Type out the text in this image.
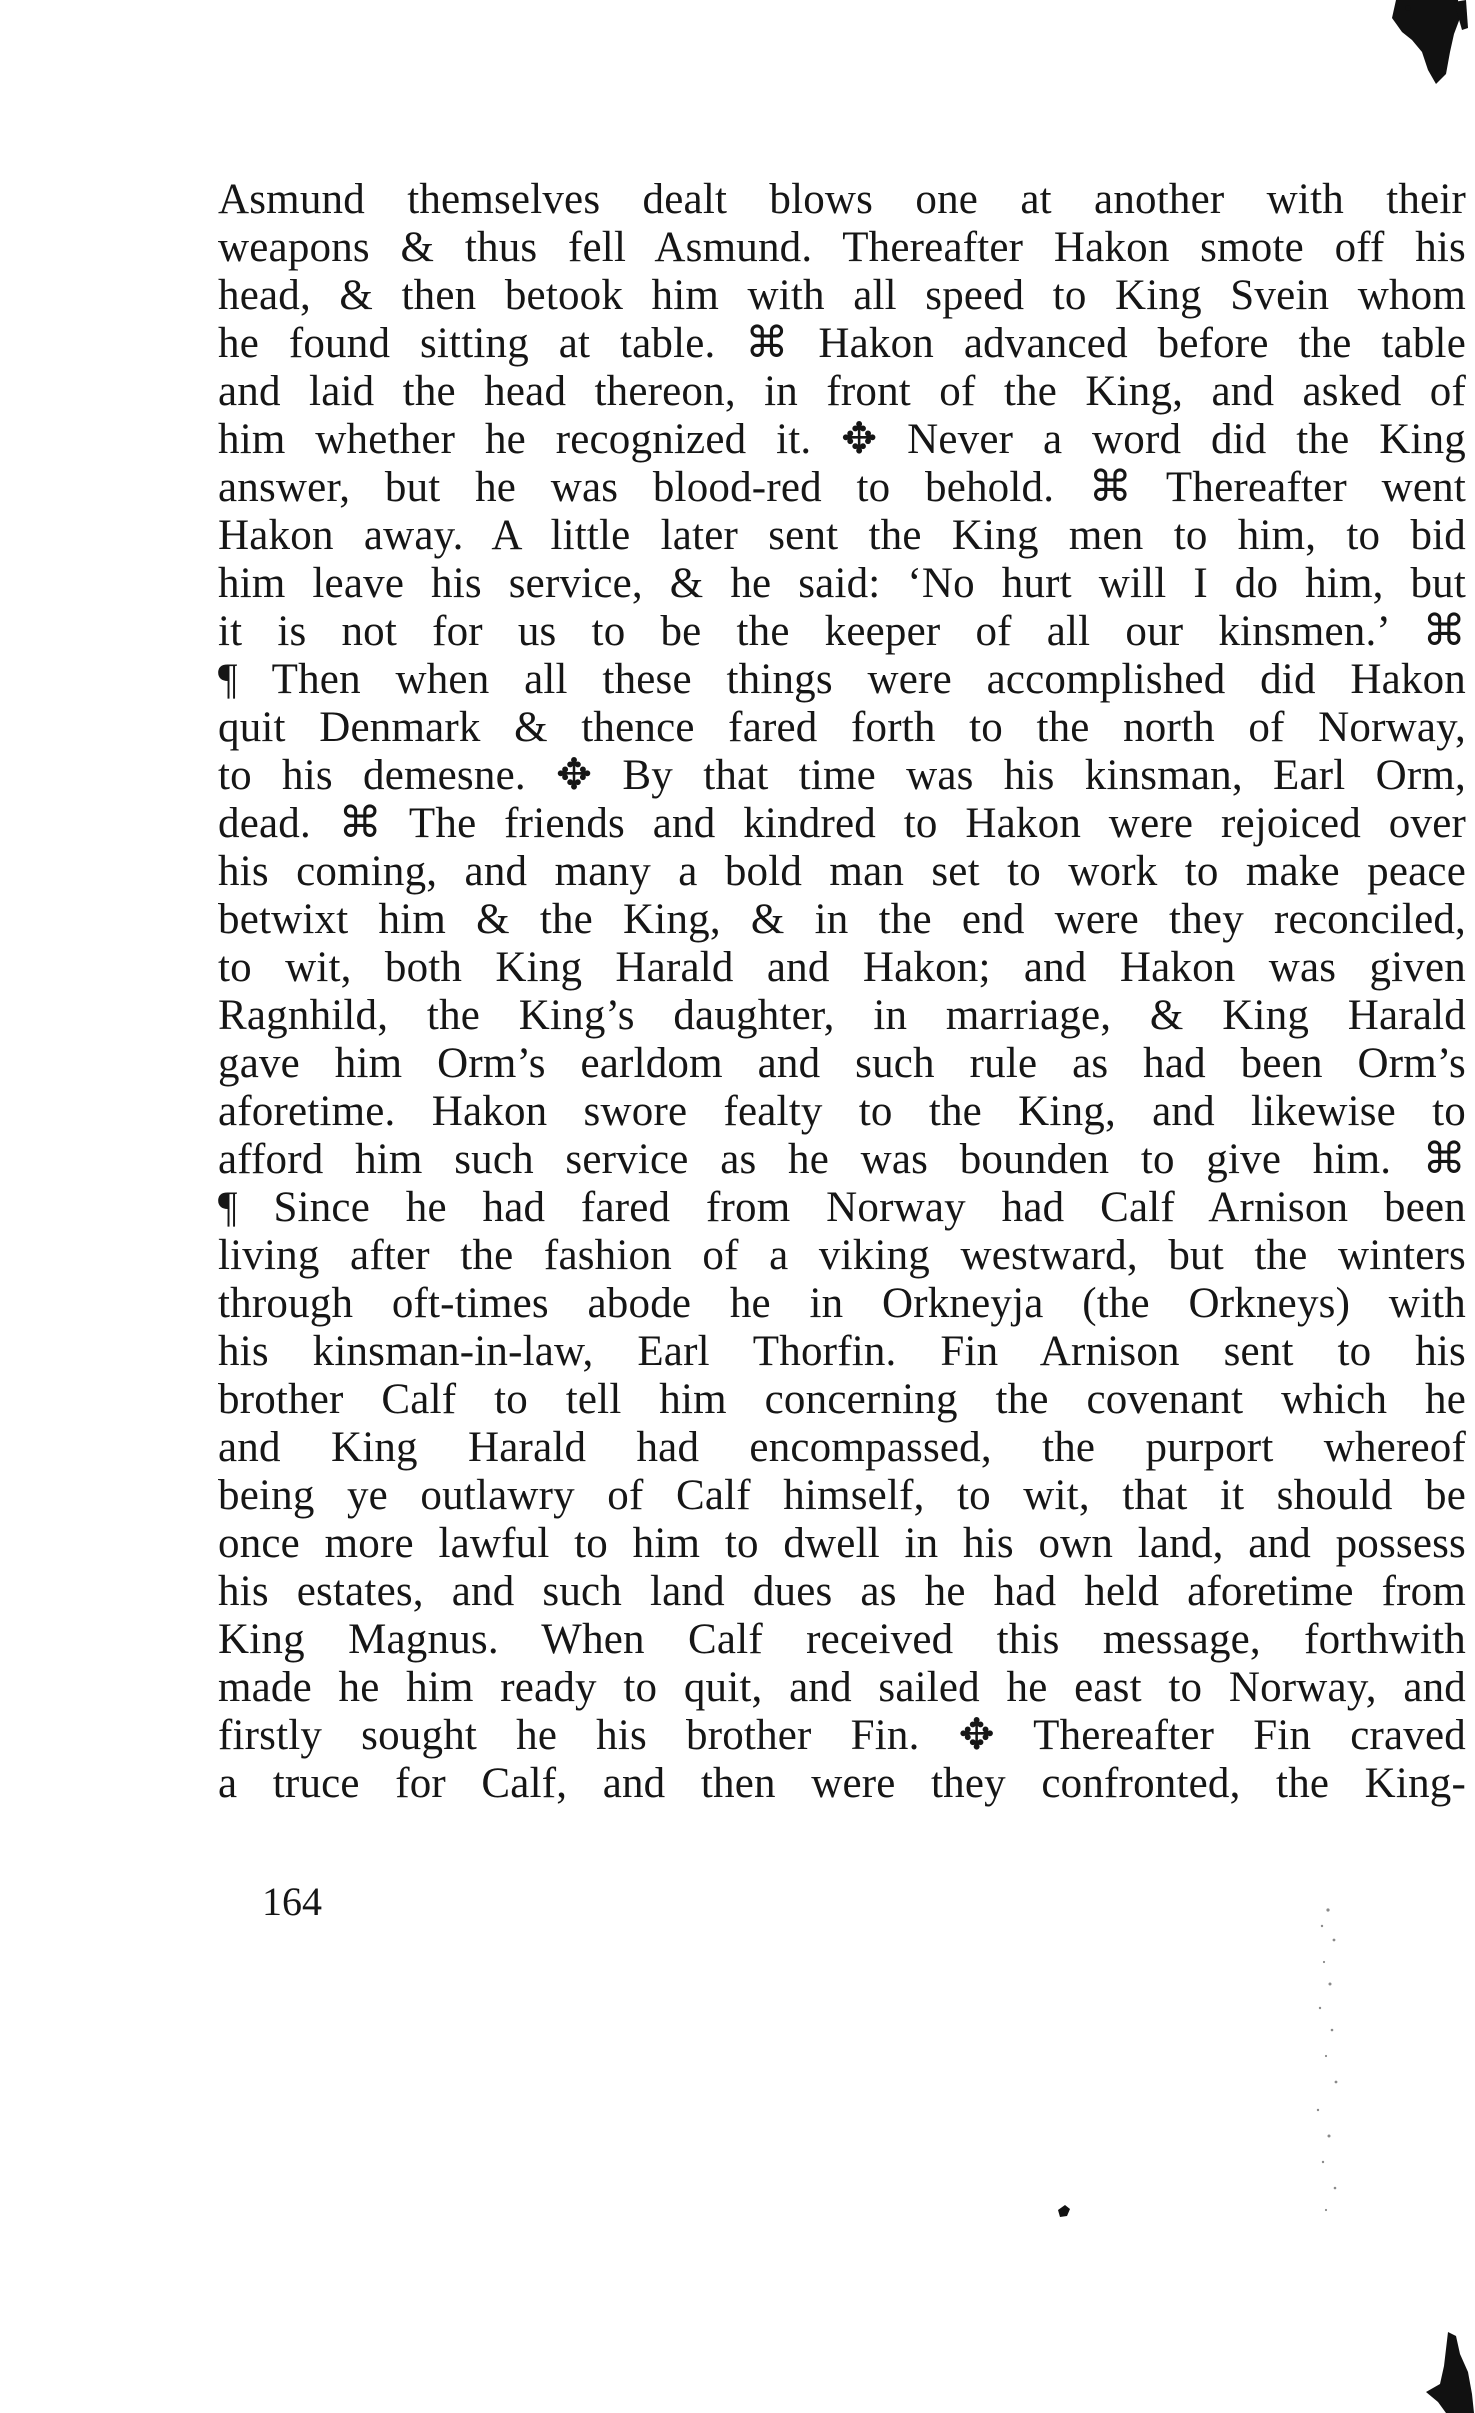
Asmund themselves dealt blows one at another with their
weapons & thus fell Asmund. Thereafter Hakon smote off his
head, & then betook him with all speed to King Svein whom
he found sitting at table. ⌘ Hakon advanced before the table
and laid the head thereon, in front of the King, and asked of
him whether he recognized it. ✥ Never a word did the King
answer, but he was blood-red to behold. ⌘ Thereafter went
Hakon away. A little later sent the King men to him, to bid
him leave his service, & he said: ‘No hurt will I do him, but
it is not for us to be the keeper of all our kinsmen.’ ⌘
¶ Then when all these things were accomplished did Hakon
quit Denmark & thence fared forth to the north of Norway,
to his demesne. ✥ By that time was his kinsman, Earl Orm,
dead. ⌘ The friends and kindred to Hakon were rejoiced over
his coming, and many a bold man set to work to make peace
betwixt him & the King, & in the end were they reconciled,
to wit, both King Harald and Hakon; and Hakon was given
Ragnhild, the King’s daughter, in marriage, & King Harald
gave him Orm’s earldom and such rule as had been Orm’s
aforetime. Hakon swore fealty to the King, and likewise to
afford him such service as he was bounden to give him. ⌘
¶ Since he had fared from Norway had Calf Arnison been
living after the fashion of a viking westward, but the winters
through oft-times abode he in Orkneyja (the Orkneys) with
his kinsman-in-law, Earl Thorfin. Fin Arnison sent to his
brother Calf to tell him concerning the covenant which he
and King Harald had encompassed, the purport whereof
being ye outlawry of Calf himself, to wit, that it should be
once more lawful to him to dwell in his own land, and possess
his estates, and such land dues as he had held aforetime from
King Magnus. When Calf received this message, forthwith
made he him ready to quit, and sailed he east to Norway, and
firstly sought he his brother Fin. ✥ Thereafter Fin craved
a truce for Calf, and then were they confronted, the King-
164
